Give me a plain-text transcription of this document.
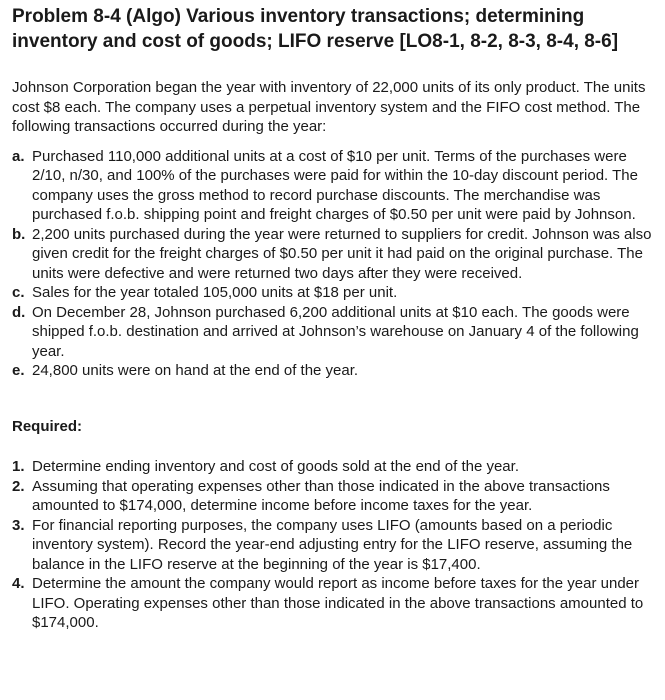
Problem 8-4 (Algo) Various inventory transactions; determining inventory and cost of goods; LIFO reserve [LO8-1, 8-2, 8-3, 8-4, 8-6]

Johnson Corporation began the year with inventory of 22,000 units of its only product. The units cost $8 each. The company uses a perpetual inventory system and the FIFO cost method. The following transactions occurred during the year:

a. Purchased 110,000 additional units at a cost of $10 per unit. Terms of the purchases were 2/10, n/30, and 100% of the purchases were paid for within the 10-day discount period. The company uses the gross method to record purchase discounts. The merchandise was purchased f.o.b. shipping point and freight charges of $0.50 per unit were paid by Johnson.
b. 2,200 units purchased during the year were returned to suppliers for credit. Johnson was also given credit for the freight charges of $0.50 per unit it had paid on the original purchase. The units were defective and were returned two days after they were received.
c. Sales for the year totaled 105,000 units at $18 per unit.
d. On December 28, Johnson purchased 6,200 additional units at $10 each. The goods were shipped f.o.b. destination and arrived at Johnson’s warehouse on January 4 of the following year.
e. 24,800 units were on hand at the end of the year.
Required:
1. Determine ending inventory and cost of goods sold at the end of the year.
2. Assuming that operating expenses other than those indicated in the above transactions amounted to $174,000, determine income before income taxes for the year.
3. For financial reporting purposes, the company uses LIFO (amounts based on a periodic inventory system). Record the year-end adjusting entry for the LIFO reserve, assuming the balance in the LIFO reserve at the beginning of the year is $17,400.
4. Determine the amount the company would report as income before taxes for the year under LIFO. Operating expenses other than those indicated in the above transactions amounted to $174,000.
